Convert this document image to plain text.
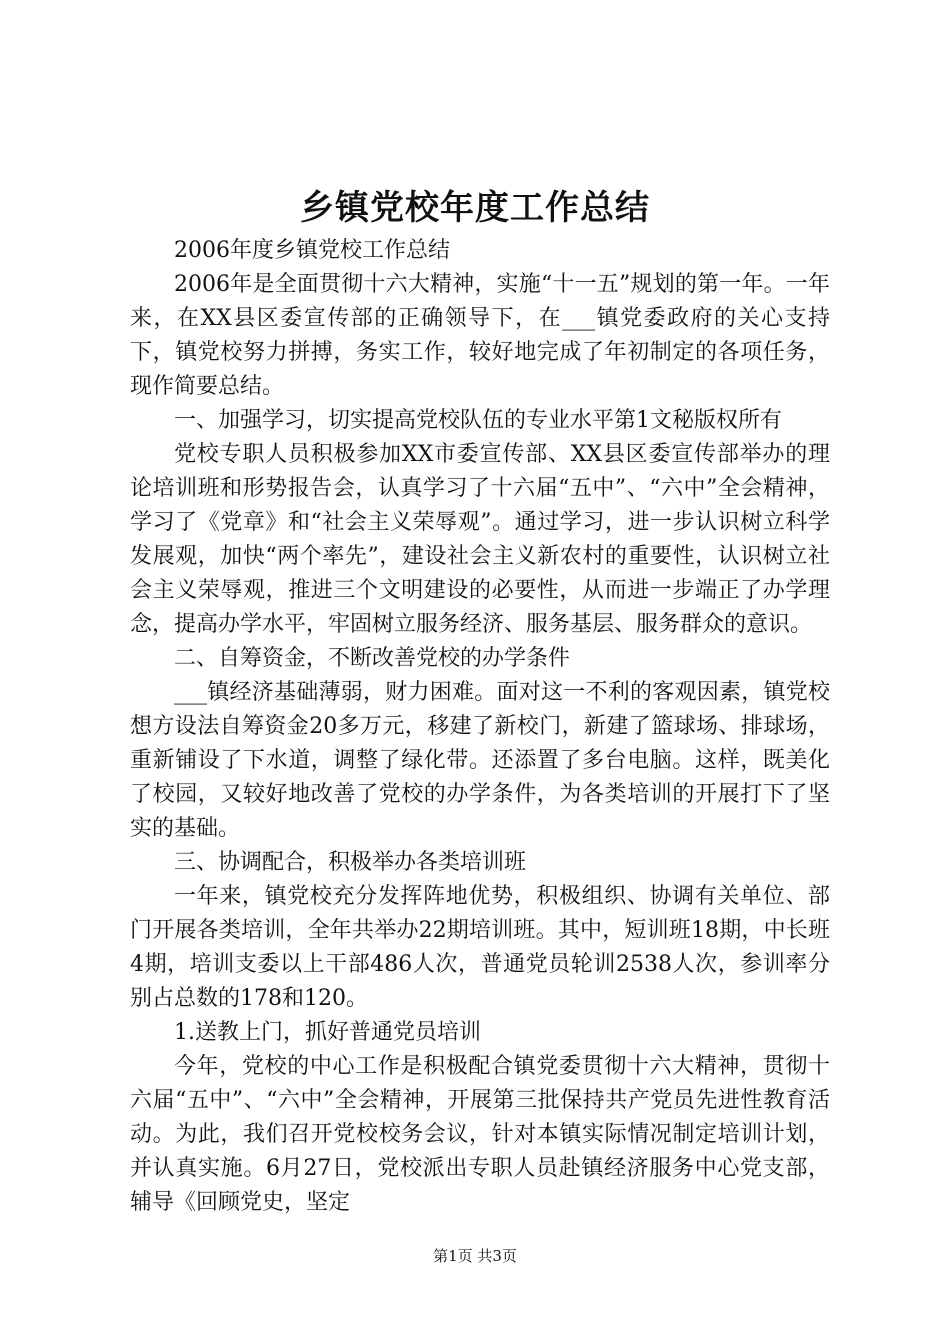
乡镇党校年度工作总结

2006年度乡镇党校工作总结

2006年是全面贯彻十六大精神，实施“十一五”规划的第一年。一年来，在XX县区委宣传部的正确领导下，在___镇党委政府的关心支持下，镇党校努力拼搏，务实工作，较好地完成了年初制定的各项任务，现作简要总结。

一、加强学习，切实提高党校队伍的专业水平第1文秘版权所有

党校专职人员积极参加XX市委宣传部、XX县区委宣传部举办的理论培训班和形势报告会，认真学习了十六届“五中”、“六中”全会精神，学习了《党章》和“社会主义荣辱观”。通过学习，进一步认识树立科学发展观，加快“两个率先”，建设社会主义新农村的重要性，认识树立社会主义荣辱观，推进三个文明建设的必要性，从而进一步端正了办学理念，提高办学水平，牢固树立服务经济、服务基层、服务群众的意识。

二、自筹资金，不断改善党校的办学条件

___镇经济基础薄弱，财力困难。面对这一不利的客观因素，镇党校想方设法自筹资金20多万元，移建了新校门，新建了篮球场、排球场，重新铺设了下水道，调整了绿化带。还添置了多台电脑。这样，既美化了校园，又较好地改善了党校的办学条件，为各类培训的开展打下了坚实的基础。

三、协调配合，积极举办各类培训班

一年来，镇党校充分发挥阵地优势，积极组织、协调有关单位、部门开展各类培训，全年共举办22期培训班。其中，短训班18期，中长班4期，培训支委以上干部486人次，普通党员轮训2538人次，参训率分别占总数的178和120。

1.送教上门，抓好普通党员培训

今年，党校的中心工作是积极配合镇党委贯彻十六大精神，贯彻十六届“五中”、“六中”全会精神，开展第三批保持共产党员先进性教育活动。为此，我们召开党校校务会议，针对本镇实际情况制定培训计划，并认真实施。6月27日，党校派出专职人员赴镇经济服务中心党支部，辅导《回顾党史，坚定

第1页 共3页
